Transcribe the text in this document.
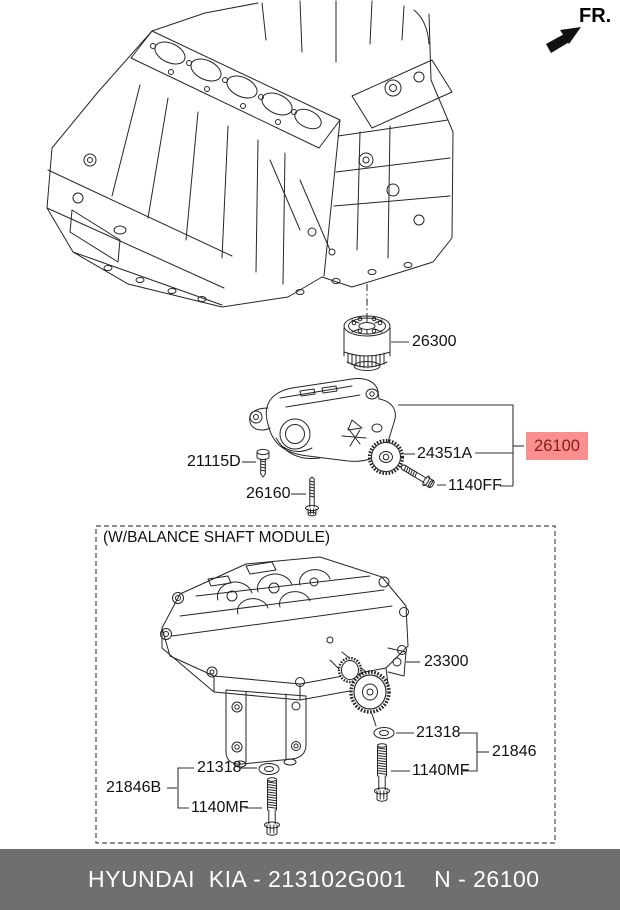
FR.
26300
21115D
26160
24351A
1140FF
26100
(W/BALANCE SHAFT MODULE)
23300
21318
21846
1140MF
21846B
21318
1140MF
HYUNDAI  KIA - 213102G001 N - 26100
